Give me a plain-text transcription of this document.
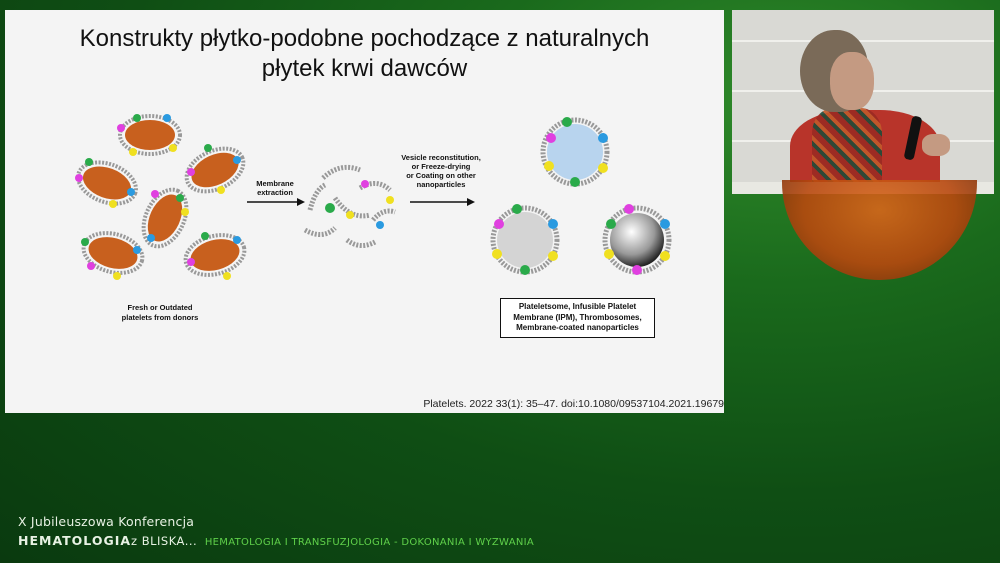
Konstrukty płytko-podobne pochodzące z naturalnych
płytek krwi dawców
Fresh or Outdated
platelets from donors
Membrane
extraction
Vesicle reconstitution,
or Freeze-drying
or Coating on other
nanoparticles
Plateletsome, Infusible Platelet
Membrane (IPM), Thrombosomes,
Membrane-coated nanoparticles
Platelets. 2022 33(1): 35–47. doi:10.1080/09537104.2021.19679
X Jubileuszowa Konferencja
HEMATOLOGIAz BLISKA... HEMATOLOGIA I TRANSFUZJOLOGIA - DOKONANIA I WYZWANIA
